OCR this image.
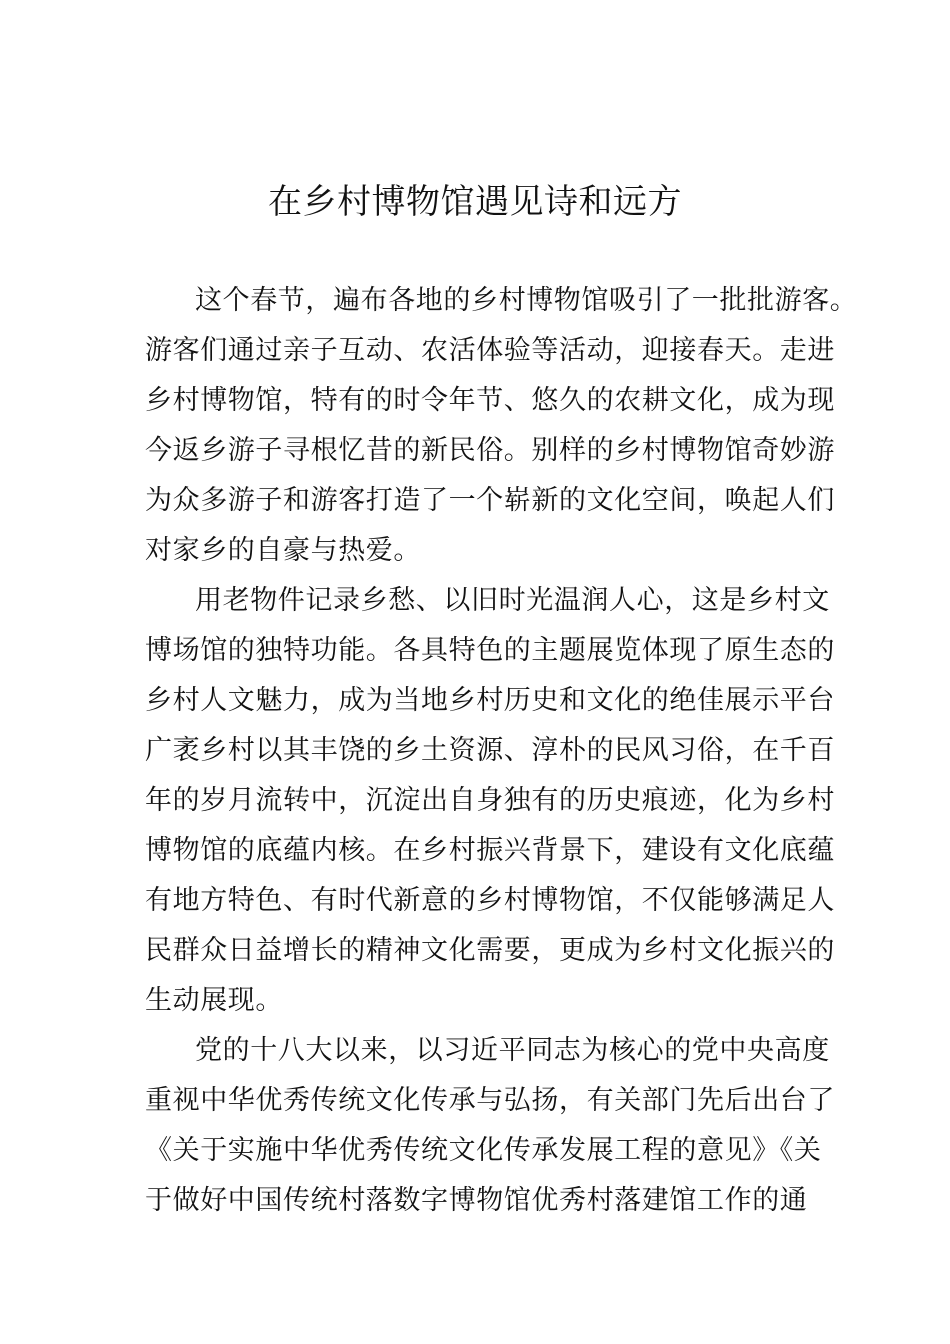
在乡村博物馆遇见诗和远方
这个春节，遍布各地的乡村博物馆吸引了一批批游客。
游客们通过亲子互动、农活体验等活动，迎接春天。走进
乡村博物馆，特有的时令年节、悠久的农耕文化，成为现
今返乡游子寻根忆昔的新民俗。别样的乡村博物馆奇妙游
为众多游子和游客打造了一个崭新的文化空间，唤起人们
对家乡的自豪与热爱。
用老物件记录乡愁、以旧时光温润人心，这是乡村文
博场馆的独特功能。各具特色的主题展览体现了原生态的
乡村人文魅力，成为当地乡村历史和文化的绝佳展示平台
广袤乡村以其丰饶的乡土资源、淳朴的民风习俗，在千百
年的岁月流转中，沉淀出自身独有的历史痕迹，化为乡村
博物馆的底蕴内核。在乡村振兴背景下，建设有文化底蕴
有地方特色、有时代新意的乡村博物馆，不仅能够满足人
民群众日益增长的精神文化需要，更成为乡村文化振兴的
生动展现。
党的十八大以来，以习近平同志为核心的党中央高度
重视中华优秀传统文化传承与弘扬，有关部门先后出台了
《关于实施中华优秀传统文化传承发展工程的意见》《关
于做好中国传统村落数字博物馆优秀村落建馆工作的通
